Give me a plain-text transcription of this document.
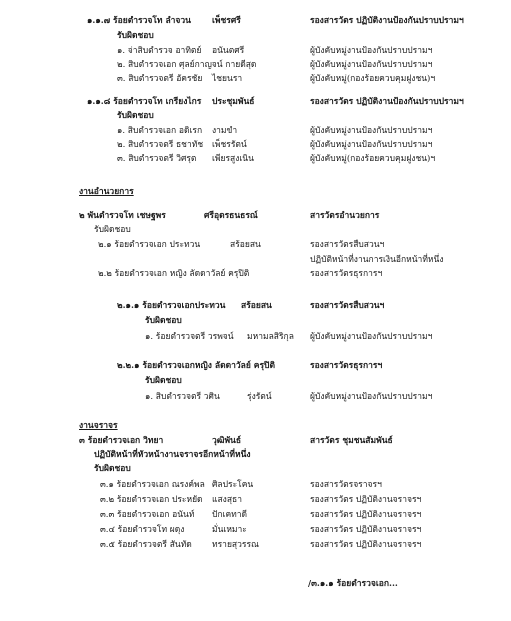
๑.๑.๗ ร้อยตำรวจโท ลำจวน เพ็ชรศรี	รองสารวัตร ปฏิบัติงานป้องกันปราบปรามฯ
รับผิดชอบ
๑. จ่าสิบตำรวจ อาทิตย์ อนันตศรี	ผู้บังคับหมู่งานป้องกันปราบปรามฯ
๒. สิบตำรวจเอก ศุลย์กาญจน์ กายดีสุด	ผู้บังคับหมู่งานป้องกันปราบปรามฯ
๓. สิบตำรวจตรี อัครชัย ไชยนรา	ผู้บังคับหมู่(กองร้อยควบคุมฝูงชน)ฯ
๑.๑.๘ ร้อยตำรวจโท เกรียงไกร ประชุมพันธ์	รองสารวัตร ปฏิบัติงานป้องกันปราบปรามฯ
รับผิดชอบ
๑. สิบตำรวจเอก อดิเรก งามขำ	ผู้บังคับหมู่งานป้องกันปราบปรามฯ
๒. สิบตำรวจตรี ธชาทัช เพ็ชรรัตน์	ผู้บังคับหมู่งานป้องกันปราบปรามฯ
๓. สิบตำรวจตรี วิศรุต เพียรสูงเนิน	ผู้บังคับหมู่(กองร้อยควบคุมฝูงชน)ฯ
งานอำนวยการ
๒ พันตำรวจโท เชษฐพร	ศรีอุดรธนธรณ์	สารวัตรอำนวยการ
รับผิดชอบ
๒.๑ ร้อยตำรวจเอก ประทวน	สร้อยสน	รองสารวัตรสืบสวนฯ
ปฏิบัติหน้าที่งานการเงินอีกหน้าที่หนึ่ง
๒.๒ ร้อยตำรวจเอก หญิง ลัดดาวัลย์ ครุปิติ	รองสารวัตรธุรการฯ
๒.๑.๑ ร้อยตำรวจเอกประทวน สร้อยสน	รองสารวัตรสืบสวนฯ
รับผิดชอบ
๑. ร้อยตำรวจตรี วรพจน์ มหามลสิริกุล ผู้บังคับหมู่งานป้องกันปราบปรามฯ
๒.๒.๑ ร้อยตำรวจเอกหญิง ลัดดาวัลย์ ครุปิติ	รองสารวัตรธุรการฯ
รับผิดชอบ
๑. สิบตำรวจตรี วศิน	รุ่งรัตน์	ผู้บังคับหมู่งานป้องกันปราบปรามฯ
งานจราจร
๓ ร้อยตำรวจเอก วิทยา	วุฒิพันธ์	สารวัตร ชุมชนสัมพันธ์
ปฏิบัติหน้าที่หัวหน้างานจราจรอีกหน้าที่หนึ่ง
รับผิดชอบ
๓.๑ ร้อยตำรวจเอก ณรงค์พล ศิลประโคน	รองสารวัตรจราจรฯ
๓.๒ ร้อยตำรวจเอก ประหยัด แสงสุธา	รองสารวัตร ปฏิบัติงานจราจรฯ
๓.๓ ร้อยตำรวจเอก อนันท์ ปักเคทาดี	รองสารวัตร ปฏิบัติงานจราจรฯ
๓.๔ ร้อยตำรวจโท ผดุง	มั่นเหมาะ	รองสารวัตร ปฏิบัติงานจราจรฯ
๓.๕ ร้อยตำรวจตรี สันทัด ทรายสุวรรณ	รองสารวัตร ปฏิบัติงานจราจรฯ
/๓.๑.๑ ร้อยตำรวจเอก...
